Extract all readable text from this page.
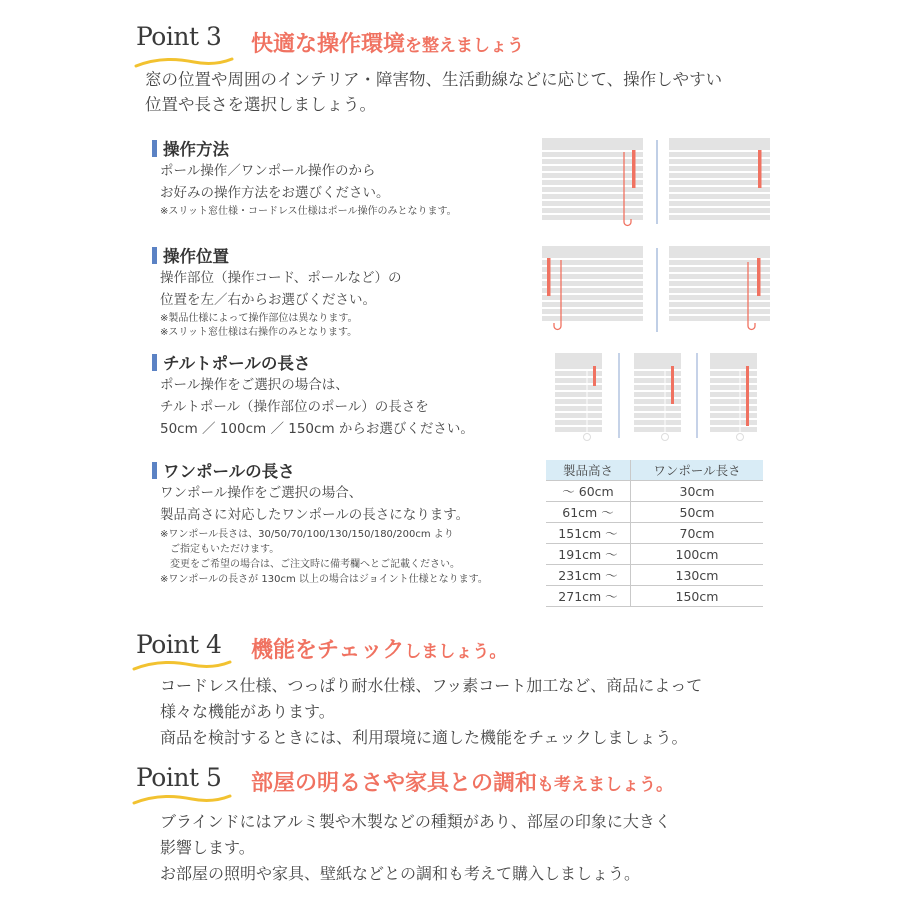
Point 3 快適な操作環境を整えましょう
窓の位置や周囲のインテリア・障害物、生活動線などに応じて、操作しやすい
位置や長さを選択しましょう。
操作方法
ポール操作／ワンポール操作のから
お好みの操作方法をお選びください。
※スリット窓仕様・コードレス仕様はポール操作のみとなります。
操作位置
操作部位（操作コード、ポールなど）の
位置を左／右からお選びください。
※製品仕様によって操作部位は異なります。
※スリット窓仕様は右操作のみとなります。
チルトポールの長さ
ポール操作をご選択の場合は、
チルトポール（操作部位のポール）の長さを
50cm ／ 100cm ／ 150cm からお選びください。
ワンポールの長さ
ワンポール操作をご選択の場合、
製品高さに対応したワンポールの長さになります。
※ワンポール長さは、30/50/70/100/130/150/180/200cm より
　ご指定もいただけます。
　変更をご希望の場合は、ご注文時に備考欄へとご記載ください。
※ワンポールの長さが 130cm 以上の場合はジョイント仕様となります。
製品高さ	ワンポール長さ
～ 60cm	30cm
61cm ～	50cm
151cm ～	70cm
191cm ～	100cm
231cm ～	130cm
271cm ～	150cm
Point 4 機能をチェックしましょう。
コードレス仕様、つっぱり耐水仕様、フッ素コート加工など、商品によって
様々な機能があります。
商品を検討するときには、利用環境に適した機能をチェックしましょう。
Point 5 部屋の明るさや家具との調和も考えましょう。
ブラインドにはアルミ製や木製などの種類があり、部屋の印象に大きく
影響します。
お部屋の照明や家具、壁紙などとの調和も考えて購入しましょう。
